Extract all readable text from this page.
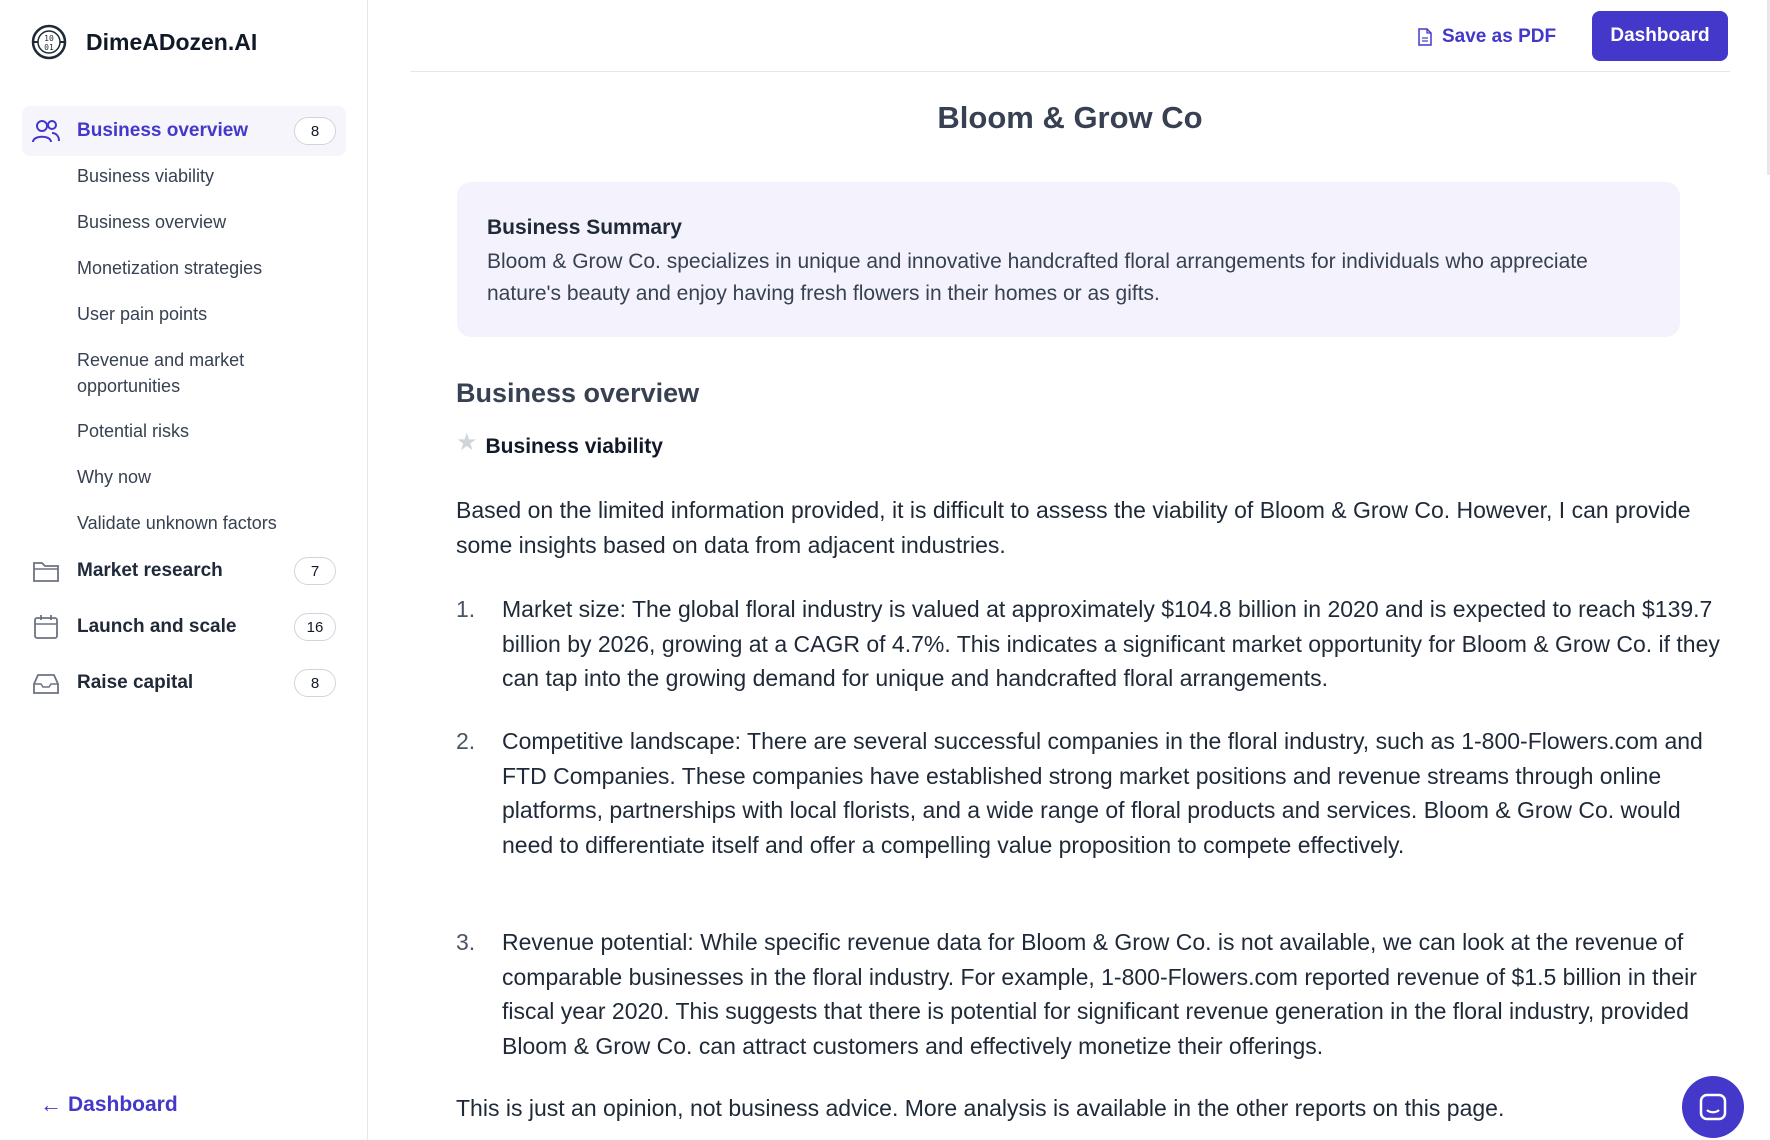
10
01 DimeADozen.AI
Business overview	8
Business viability
Business overview
Monetization strategies
User pain points
Revenue and market opportunities
Potential risks
Why now
Validate unknown factors
Market research	7
Launch and scale	16
Raise capital	8
← Dashboard
Save as PDF	Dashboard
Bloom & Grow Co
Business Summary

Bloom & Grow Co. specializes in unique and innovative handcrafted floral arrangements for individuals who appreciate nature's beauty and enjoy having fresh flowers in their homes or as gifts.

Business overview
★ Business viability

Based on the limited information provided, it is difficult to assess the viability of Bloom & Grow Co. However, I can provide some insights based on data from adjacent industries.

1.	Market size: The global floral industry is valued at approximately $104.8 billion in 2020 and is expected to reach $139.7 billion by 2026, growing at a CAGR of 4.7%. This indicates a significant market opportunity for Bloom & Grow Co. if they can tap into the growing demand for unique and handcrafted floral arrangements.
2.	Competitive landscape: There are several successful companies in the floral industry, such as 1-800-Flowers.com and FTD Companies. These companies have established strong market positions and revenue streams through online platforms, partnerships with local florists, and a wide range of floral products and services. Bloom & Grow Co. would need to differentiate itself and offer a compelling value proposition to compete effectively.
3.	Revenue potential: While specific revenue data for Bloom & Grow Co. is not available, we can look at the revenue of comparable businesses in the floral industry. For example, 1-800-Flowers.com reported revenue of $1.5 billion in their fiscal year 2020. This suggests that there is potential for significant revenue generation in the floral industry, provided Bloom & Grow Co. can attract customers and effectively monetize their offerings.

This is just an opinion, not business advice. More analysis is available in the other reports on this page.
